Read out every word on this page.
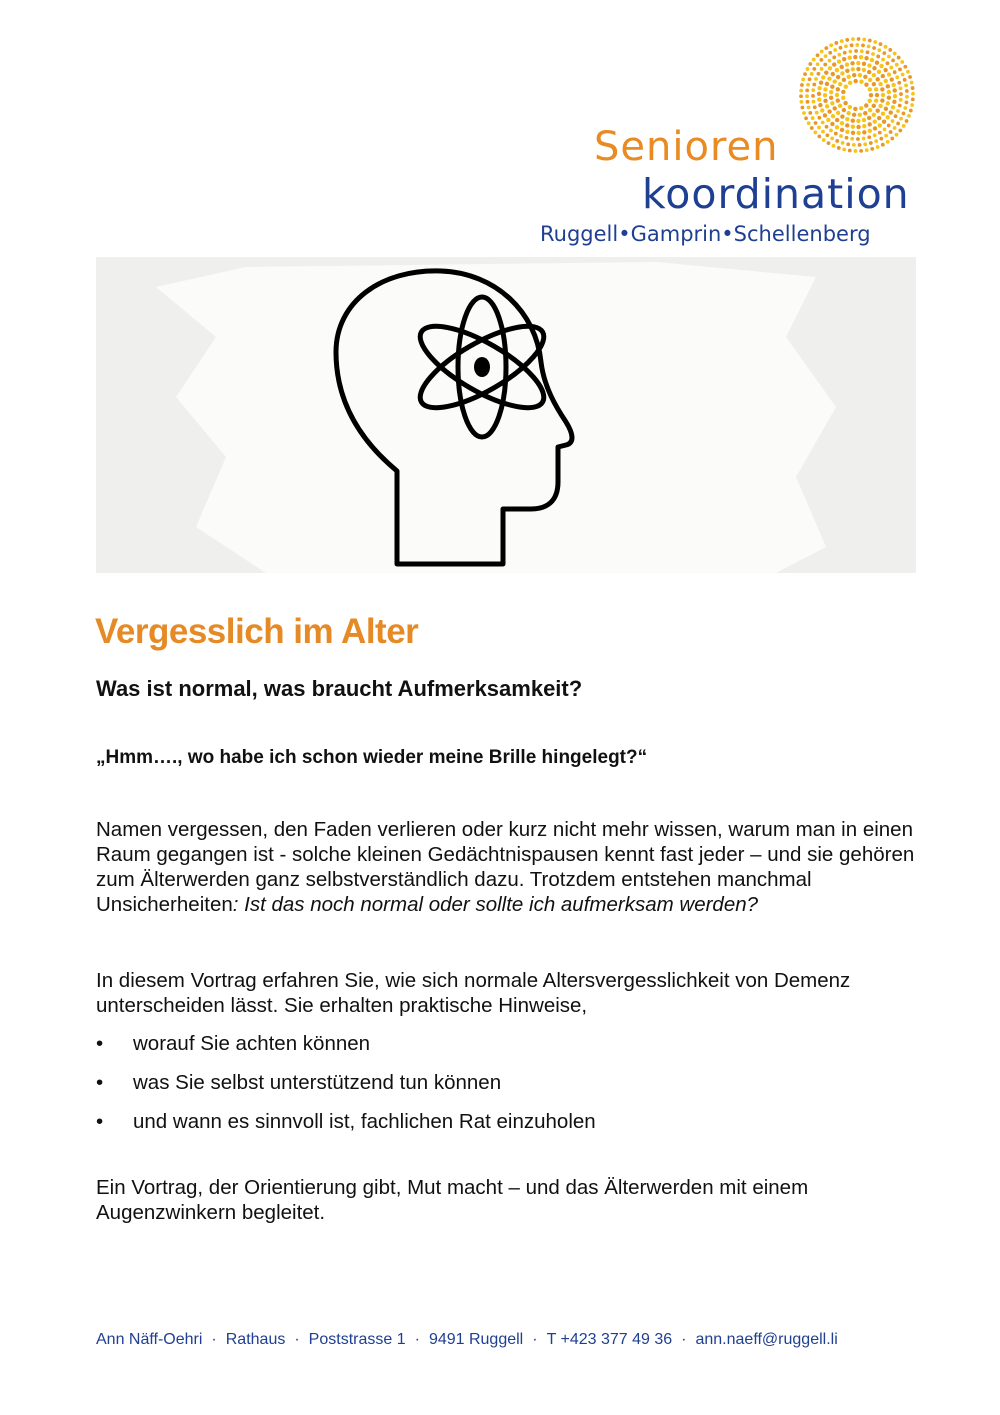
Senioren
koordination
Ruggell•Gamprin•Schellenberg
Vergesslich im Alter
Was ist normal, was braucht Aufmerksamkeit?

„Hmm…., wo habe ich schon wieder meine Brille hingelegt?“

Namen vergessen, den Faden verlieren oder kurz nicht mehr wissen, warum man in einen Raum gegangen ist - solche kleinen Gedächtnispausen kennt fast jeder – und sie gehören zum Älterwerden ganz selbstverständlich dazu. Trotzdem entstehen manchmal Unsicherheiten: Ist das noch normal oder sollte ich aufmerksam werden?

In diesem Vortrag erfahren Sie, wie sich normale Altersvergesslichkeit von Demenz unterscheiden lässt. Sie erhalten praktische Hinweise,

•	worauf Sie achten können
•	was Sie selbst unterstützend tun können
•	und wann es sinnvoll ist, fachlichen Rat einzuholen

Ein Vortrag, der Orientierung gibt, Mut macht – und das Älterwerden mit einem Augenzwinkern begleitet.

Ann Näff-Oehri · Rathaus · Poststrasse 1 · 9491 Ruggell · T +423 377 49 36 · ann.naeff@ruggell.li
